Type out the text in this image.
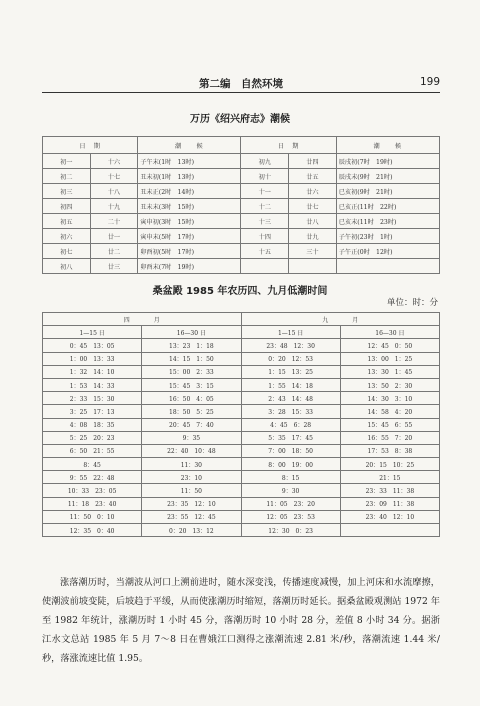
第二编　自然环境	199
万历《绍兴府志》潮候
日　期		潮　　候	日　期		潮　　候
初一	十六	子午末(1时　13时)	初九	廿四	辰戌初(7时　19时)
初二	十七	丑未初(1时　13时)	初十	廿五	辰戌末(9时　21时)
初三	十八	丑未正(2时　14时)	十一	廿六	已亥初(9时　21时)
初四	十九	丑未末(3时　15时)	十二	廿七	已亥正(11时　22时)
初五	二十	寅申初(3时　15时)	十三	廿八	已亥末(11时　23时)
初六	廿一	寅申末(5时　17时)	十四	廿九	子午初(23时　1时)
初七	廿二	卯酉初(5时　17时)	十五	三十	子午正(0时　12时)
初八	廿三	卯酉末(7时　19时)			
桑盆殿 1985 年农历四、九月低潮时间
单位：时：分
四　　　　月		九　　　　月	
1—15 日	16—30 日	1—15 日	16—30 日
0：45　13：05	13：23　1：18	23：48　12：30	12：45　0：50
1：00　13：33	14：15　1：50	0：20　12：53	13：00　1：25
1：32　14：10	15：00　2：33	1：15　13：25	13：30　1：45
1：53　14：33	15：45　3：15	1：55　14：18	13：50　2：30
2：33　15：30	16：50　4：05	2：43　14：48	14：30　3：10
3：25　17：13	18：50　5：25	3：28　15：33	14：58　4：20
4：08　18：35	20：45　7：40	4：45　6：28	15：45　6：55
5：25　20：23	9：35	5：35　17：45	16：55　7：20
6：50　21：55	22：40　10：48	7：00　18：50	17：53　8：38
8：45	11：30	8：00　19：00	20：15　10：25
9：55　22：48	23：10	8：15	21：15
10：33　23：05	11：50	9：30	23：33　11：38
11：18　23：40	23：35　12：10	11：05　23：20	23：09　11：38
11：50　0：10	23：55　12：45	12：05　23：53	23：40　12：10
12：35　0：40	0：20　13：12	12：30　0：23	

涨落潮历时，当潮波从河口上溯前进时，随水深变浅，传播速度减慢，加上河床和水流摩擦，使潮波前坡变陡，后坡趋于平缓，从而使涨潮历时缩短，落潮历时延长。据桑盆殿观测站 1972 年至 1982 年统计，涨潮历时 1 小时 45 分，落潮历时 10 小时 28 分，差值 8 小时 34 分。据浙江水文总站 1985 年 5 月 7～8 日在曹娥江口测得之涨潮流速 2.81 米/秒，落潮流速 1.44 米/秒，落涨流速比值 1.95。
